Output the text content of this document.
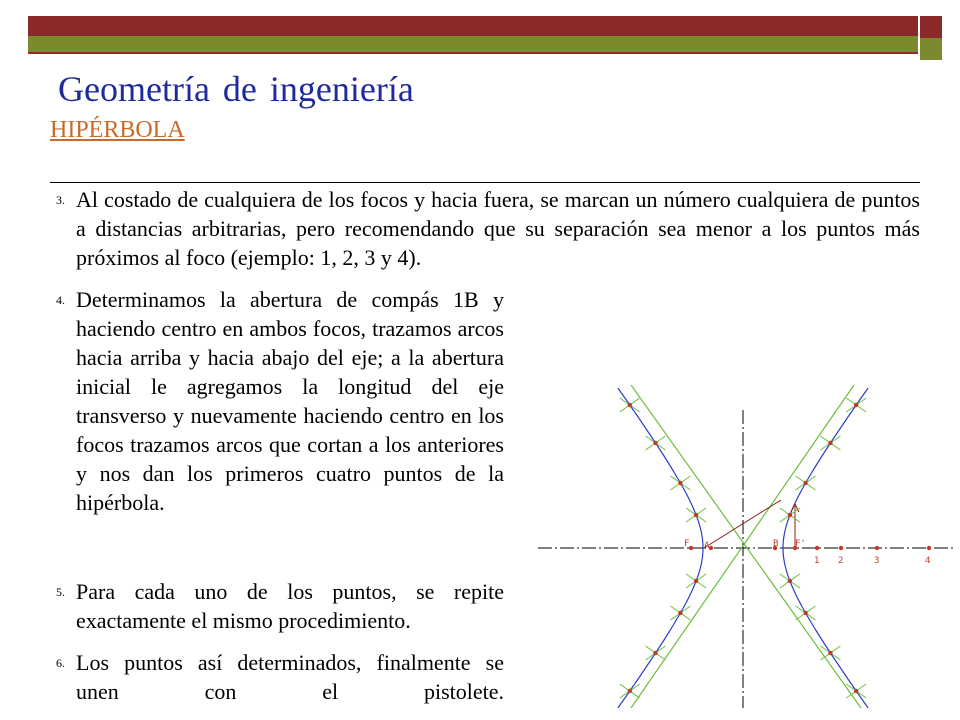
Geometría de ingeniería
HIPÉRBOLA
3. Al costado de cualquiera de los focos y hacia fuera, se marcan un número cualquiera de puntos a distancias arbitrarias, pero recomendando que su separación sea menor a los puntos más próximos al foco (ejemplo: 1, 2, 3 y 4).
4. Determinamos la abertura de compás 1B y haciendo centro en ambos focos, trazamos arcos hacia arriba y hacia abajo del eje; a la abertura inicial le agregamos la longitud del eje transverso y nuevamente haciendo centro en los focos trazamos arcos que cortan a los anteriores y nos dan los primeros cuatro puntos de la hipérbola.
5. Para cada uno de los puntos, se repite exactamente el mismo procedimiento.
6. Los puntos así determinados, finalmente se unen con el pistolete.
F A	B F'
1 2	3	4
